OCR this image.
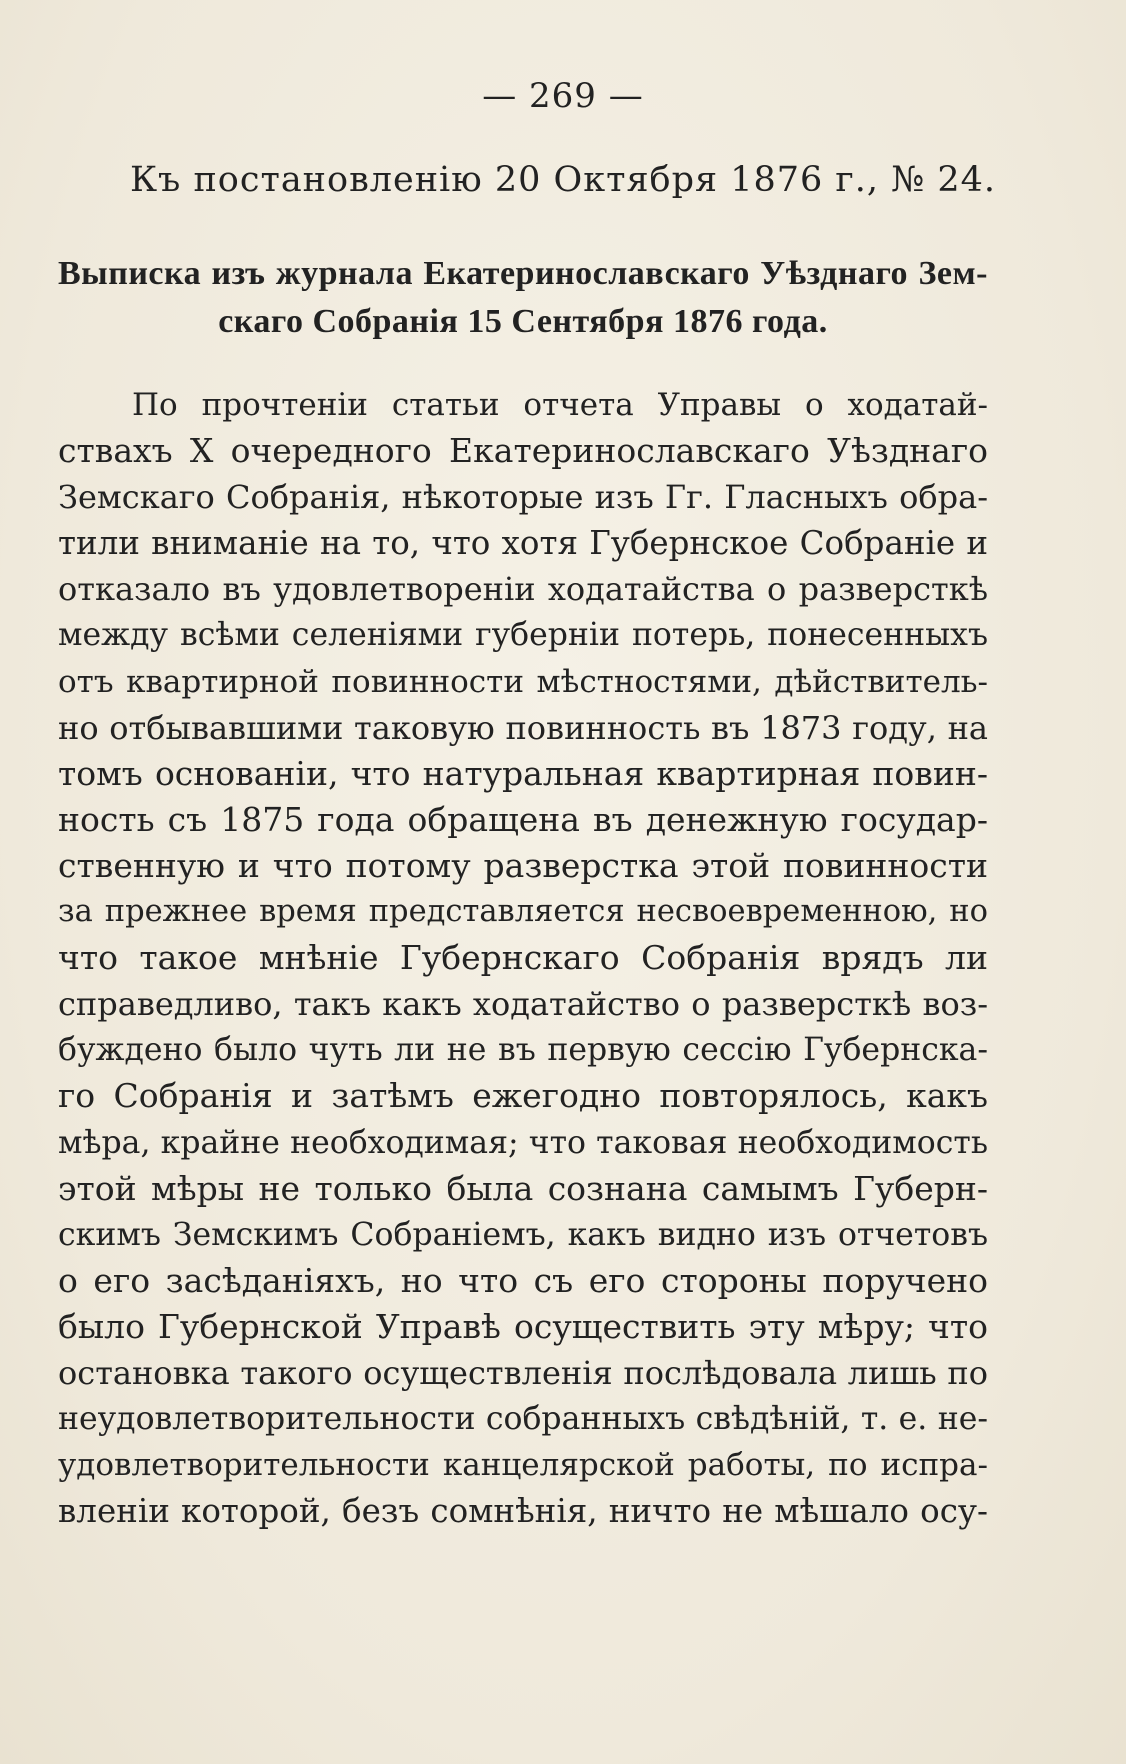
— 269 —
Къ постановленію 20 Октября 1876 г., № 24.
Выписка изъ журнала Екатеринославскаго Уѣзднаго Зем-
скаго Собранія 15 Сентября 1876 года.
По прочтеніи статьи отчета Управы о ходатай-
ствахъ X очередного Екатеринославскаго Уѣзднаго
Земскаго Собранія, нѣкоторые изъ Гг. Гласныхъ обра-
тили вниманіе на то, что хотя Губернское Собраніе и
отказало въ удовлетвореніи ходатайства о разверсткѣ
между всѣми селеніями губерніи потерь, понесенныхъ
отъ квартирной повинности мѣстностями, дѣйствитель-
но отбывавшими таковую повинность въ 1873 году, на
томъ основаніи, что натуральная квартирная повин-
ность съ 1875 года обращена въ денежную государ-
ственную и что потому разверстка этой повинности
за прежнее время представляется несвоевременною, но
что такое мнѣніе Губернскаго Собранія врядъ ли
справедливо, такъ какъ ходатайство о разверсткѣ воз-
буждено было чуть ли не въ первую сессію Губернска-
го Собранія и затѣмъ ежегодно повторялось, какъ
мѣра, крайне необходимая; что таковая необходимость
этой мѣры не только была сознана самымъ Губерн-
скимъ Земскимъ Собраніемъ, какъ видно изъ отчетовъ
о его засѣданіяхъ, но что съ его стороны поручено
было Губернской Управѣ осуществить эту мѣру; что
остановка такого осуществленія послѣдовала лишь по
неудовлетворительности собранныхъ свѣдѣній, т. е. не-
удовлетворительности канцелярской работы, по испра-
вленіи которой, безъ сомнѣнія, ничто не мѣшало осу-
